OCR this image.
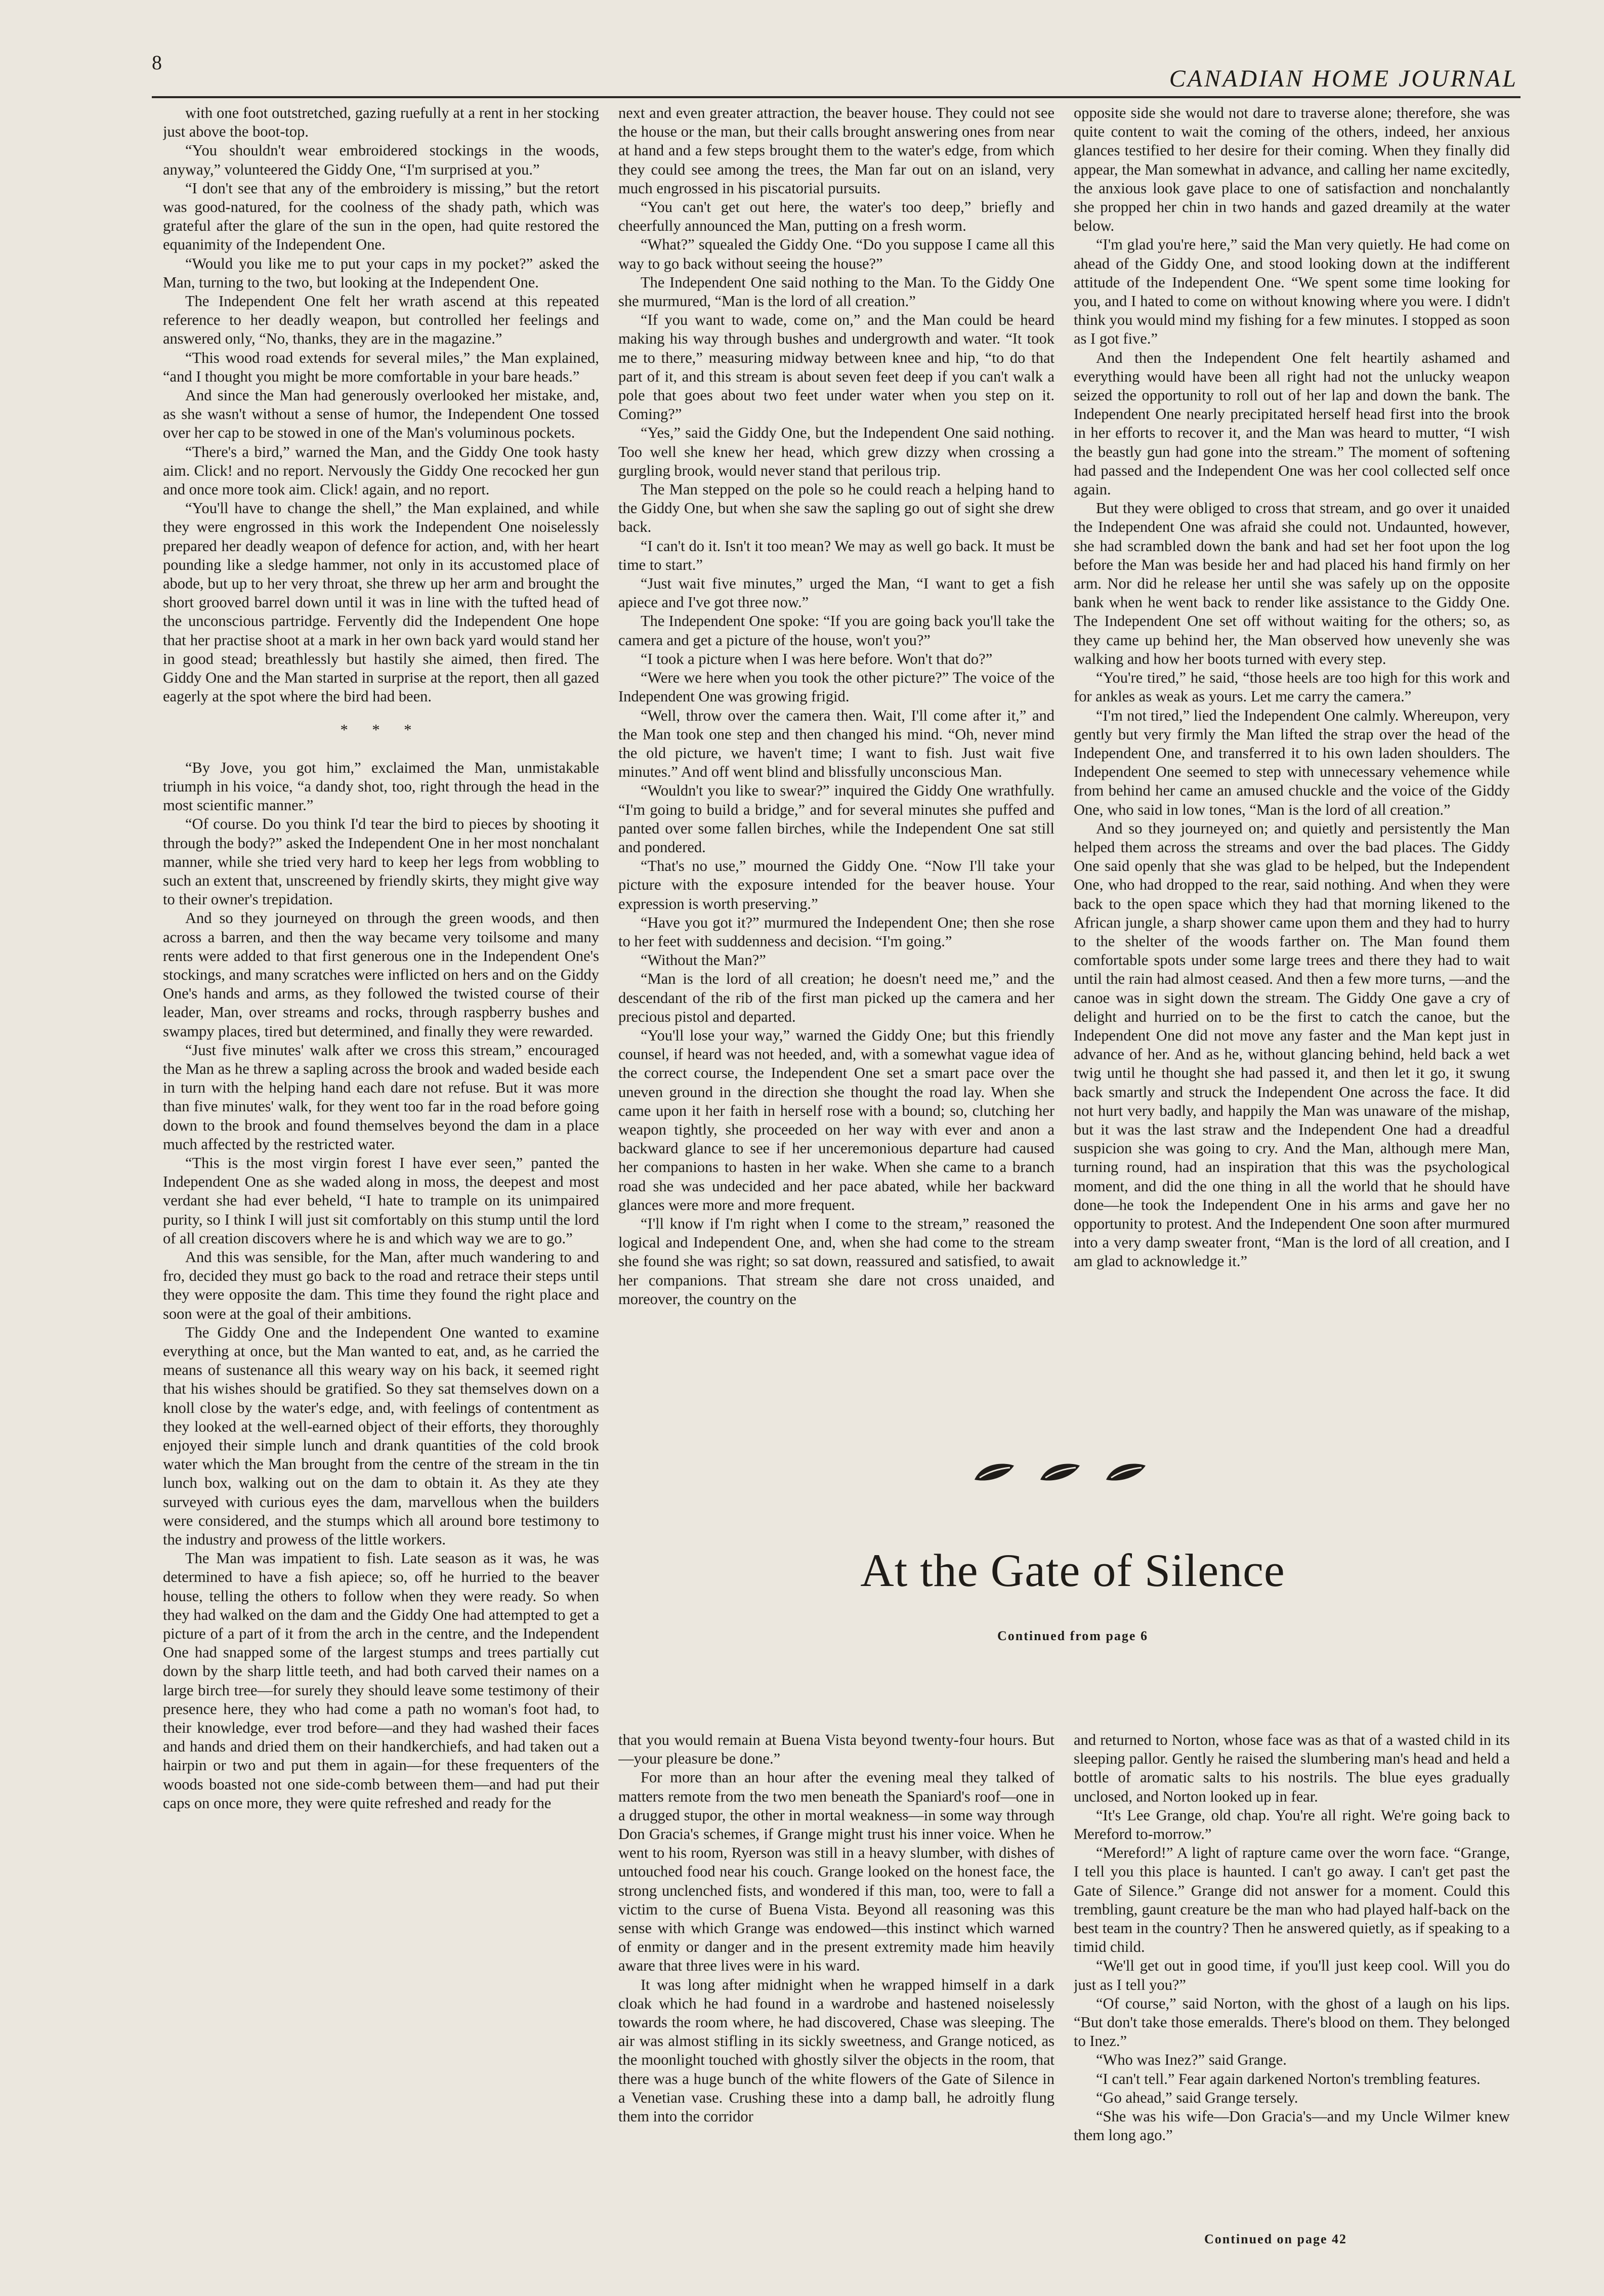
8
CANADIAN HOME JOURNAL

with one foot outstretched, gazing ruefully at a rent in her stocking just above the boot-top.

“You shouldn't wear embroidered stockings in the woods, anyway,” volunteered the Giddy One, “I'm surprised at you.”

“I don't see that any of the embroidery is missing,” but the retort was good-natured, for the coolness of the shady path, which was grateful after the glare of the sun in the open, had quite restored the equanimity of the Independent One.

“Would you like me to put your caps in my pocket?” asked the Man, turning to the two, but looking at the Independent One.

The Independent One felt her wrath ascend at this repeated reference to her deadly weapon, but controlled her feelings and answered only, “No, thanks, they are in the magazine.”

“This wood road extends for several miles,” the Man explained, “and I thought you might be more comfortable in your bare heads.”

And since the Man had generously overlooked her mistake, and, as she wasn't without a sense of humor, the Independent One tossed over her cap to be stowed in one of the Man's voluminous pockets.

“There's a bird,” warned the Man, and the Giddy One took hasty aim. Click! and no report. Nervously the Giddy One recocked her gun and once more took aim. Click! again, and no report.

“You'll have to change the shell,” the Man explained, and while they were engrossed in this work the Independent One noiselessly prepared her deadly weapon of defence for action, and, with her heart pounding like a sledge hammer, not only in its accustomed place of abode, but up to her very throat, she threw up her arm and brought the short grooved barrel down until it was in line with the tufted head of the unconscious partridge. Fervently did the Independent One hope that her practise shoot at a mark in her own back yard would stand her in good stead; breathlessly but hastily she aimed, then fired. The Giddy One and the Man started in surprise at the report, then all gazed eagerly at the spot where the bird had been.

* * *

“By Jove, you got him,” exclaimed the Man, unmistakable triumph in his voice, “a dandy shot, too, right through the head in the most scientific manner.”

“Of course. Do you think I'd tear the bird to pieces by shooting it through the body?” asked the Independent One in her most nonchalant manner, while she tried very hard to keep her legs from wobbling to such an extent that, unscreened by friendly skirts, they might give way to their owner's trepidation.

And so they journeyed on through the green woods, and then across a barren, and then the way became very toilsome and many rents were added to that first generous one in the Independent One's stockings, and many scratches were inflicted on hers and on the Giddy One's hands and arms, as they followed the twisted course of their leader, Man, over streams and rocks, through raspberry bushes and swampy places, tired but determined, and finally they were rewarded.

“Just five minutes' walk after we cross this stream,” encouraged the Man as he threw a sapling across the brook and waded beside each in turn with the helping hand each dare not refuse. But it was more than five minutes' walk, for they went too far in the road before going down to the brook and found themselves beyond the dam in a place much affected by the restricted water.

“This is the most virgin forest I have ever seen,” panted the Independent One as she waded along in moss, the deepest and most verdant she had ever beheld, “I hate to trample on its unimpaired purity, so I think I will just sit comfortably on this stump until the lord of all creation discovers where he is and which way we are to go.”

And this was sensible, for the Man, after much wandering to and fro, decided they must go back to the road and retrace their steps until they were opposite the dam. This time they found the right place and soon were at the goal of their ambitions.

The Giddy One and the Independent One wanted to examine everything at once, but the Man wanted to eat, and, as he carried the means of sustenance all this weary way on his back, it seemed right that his wishes should be gratified. So they sat themselves down on a knoll close by the water's edge, and, with feelings of contentment as they looked at the well-earned object of their efforts, they thoroughly enjoyed their simple lunch and drank quantities of the cold brook water which the Man brought from the centre of the stream in the tin lunch box, walking out on the dam to obtain it. As they ate they surveyed with curious eyes the dam, marvellous when the builders were considered, and the stumps which all around bore testimony to the industry and prowess of the little workers.

The Man was impatient to fish. Late season as it was, he was determined to have a fish apiece; so, off he hurried to the beaver house, telling the others to follow when they were ready. So when they had walked on the dam and the Giddy One had attempted to get a picture of a part of it from the arch in the centre, and the Independent One had snapped some of the largest stumps and trees partially cut down by the sharp little teeth, and had both carved their names on a large birch tree—for surely they should leave some testimony of their presence here, they who had come a path no woman's foot had, to their knowledge, ever trod before—and they had washed their faces and hands and dried them on their handkerchiefs, and had taken out a hairpin or two and put them in again—for these frequenters of the woods boasted not one side-comb between them—and had put their caps on once more, they were quite refreshed and ready for the

next and even greater attraction, the beaver house. They could not see the house or the man, but their calls brought answering ones from near at hand and a few steps brought them to the water's edge, from which they could see among the trees, the Man far out on an island, very much engrossed in his piscatorial pursuits.

“You can't get out here, the water's too deep,” briefly and cheerfully announced the Man, putting on a fresh worm.

“What?” squealed the Giddy One. “Do you suppose I came all this way to go back without seeing the house?”

The Independent One said nothing to the Man. To the Giddy One she murmured, “Man is the lord of all creation.”

“If you want to wade, come on,” and the Man could be heard making his way through bushes and undergrowth and water. “It took me to there,” measuring midway between knee and hip, “to do that part of it, and this stream is about seven feet deep if you can't walk a pole that goes about two feet under water when you step on it. Coming?”

“Yes,” said the Giddy One, but the Independent One said nothing. Too well she knew her head, which grew dizzy when crossing a gurgling brook, would never stand that perilous trip.

The Man stepped on the pole so he could reach a helping hand to the Giddy One, but when she saw the sapling go out of sight she drew back.

“I can't do it. Isn't it too mean? We may as well go back. It must be time to start.”

“Just wait five minutes,” urged the Man, “I want to get a fish apiece and I've got three now.”

The Independent One spoke: “If you are going back you'll take the camera and get a picture of the house, won't you?”

“I took a picture when I was here before. Won't that do?”

“Were we here when you took the other picture?” The voice of the Independent One was growing frigid.

“Well, throw over the camera then. Wait, I'll come after it,” and the Man took one step and then changed his mind. “Oh, never mind the old picture, we haven't time; I want to fish. Just wait five minutes.” And off went blind and blissfully unconscious Man.

“Wouldn't you like to swear?” inquired the Giddy One wrathfully. “I'm going to build a bridge,” and for several minutes she puffed and panted over some fallen birches, while the Independent One sat still and pondered.

“That's no use,” mourned the Giddy One. “Now I'll take your picture with the exposure intended for the beaver house. Your expression is worth preserving.”

“Have you got it?” murmured the Independent One; then she rose to her feet with suddenness and decision. “I'm going.”

“Without the Man?”

“Man is the lord of all creation; he doesn't need me,” and the descendant of the rib of the first man picked up the camera and her precious pistol and departed.

“You'll lose your way,” warned the Giddy One; but this friendly counsel, if heard was not heeded, and, with a somewhat vague idea of the correct course, the Independent One set a smart pace over the uneven ground in the direction she thought the road lay. When she came upon it her faith in herself rose with a bound; so, clutching her weapon tightly, she proceeded on her way with ever and anon a backward glance to see if her unceremonious departure had caused her companions to hasten in her wake. When she came to a branch road she was undecided and her pace abated, while her backward glances were more and more frequent.

“I'll know if I'm right when I come to the stream,” reasoned the logical and Independent One, and, when she had come to the stream she found she was right; so sat down, reassured and satisfied, to await her companions. That stream she dare not cross unaided, and moreover, the country on the

opposite side she would not dare to traverse alone; therefore, she was quite content to wait the coming of the others, indeed, her anxious glances testified to her desire for their coming. When they finally did appear, the Man somewhat in advance, and calling her name excitedly, the anxious look gave place to one of satisfaction and nonchalantly she propped her chin in two hands and gazed dreamily at the water below.

“I'm glad you're here,” said the Man very quietly. He had come on ahead of the Giddy One, and stood looking down at the indifferent attitude of the Independent One. “We spent some time looking for you, and I hated to come on without knowing where you were. I didn't think you would mind my fishing for a few minutes. I stopped as soon as I got five.”

And then the Independent One felt heartily ashamed and everything would have been all right had not the unlucky weapon seized the opportunity to roll out of her lap and down the bank. The Independent One nearly precipitated herself head first into the brook in her efforts to recover it, and the Man was heard to mutter, “I wish the beastly gun had gone into the stream.” The moment of softening had passed and the Independent One was her cool collected self once again.

But they were obliged to cross that stream, and go over it unaided the Independent One was afraid she could not. Undaunted, however, she had scrambled down the bank and had set her foot upon the log before the Man was beside her and had placed his hand firmly on her arm. Nor did he release her until she was safely up on the opposite bank when he went back to render like assistance to the Giddy One. The Independent One set off without waiting for the others; so, as they came up behind her, the Man observed how unevenly she was walking and how her boots turned with every step.

“You're tired,” he said, “those heels are too high for this work and for ankles as weak as yours. Let me carry the camera.”

“I'm not tired,” lied the Independent One calmly. Whereupon, very gently but very firmly the Man lifted the strap over the head of the Independent One, and transferred it to his own laden shoulders. The Independent One seemed to step with unnecessary vehemence while from behind her came an amused chuckle and the voice of the Giddy One, who said in low tones, “Man is the lord of all creation.”

And so they journeyed on; and quietly and persistently the Man helped them across the streams and over the bad places. The Giddy One said openly that she was glad to be helped, but the Independent One, who had dropped to the rear, said nothing. And when they were back to the open space which they had that morning likened to the African jungle, a sharp shower came upon them and they had to hurry to the shelter of the woods farther on. The Man found them comfortable spots under some large trees and there they had to wait until the rain had almost ceased. And then a few more turns, —and the canoe was in sight down the stream. The Giddy One gave a cry of delight and hurried on to be the first to catch the canoe, but the Independent One did not move any faster and the Man kept just in advance of her. And as he, without glancing behind, held back a wet twig until he thought she had passed it, and then let it go, it swung back smartly and struck the Independent One across the face. It did not hurt very badly, and happily the Man was unaware of the mishap, but it was the last straw and the Independent One had a dreadful suspicion she was going to cry. And the Man, although mere Man, turning round, had an inspiration that this was the psychological moment, and did the one thing in all the world that he should have done—he took the Independent One in his arms and gave her no opportunity to protest. And the Independent One soon after murmured into a very damp sweater front, “Man is the lord of all creation, and I am glad to acknowledge it.”

At the Gate of Silence
Continued from page 6

that you would remain at Buena Vista beyond twenty-four hours. But—your pleasure be done.”

For more than an hour after the evening meal they talked of matters remote from the two men beneath the Spaniard's roof—one in a drugged stupor, the other in mortal weakness—in some way through Don Gracia's schemes, if Grange might trust his inner voice. When he went to his room, Ryerson was still in a heavy slumber, with dishes of untouched food near his couch. Grange looked on the honest face, the strong unclenched fists, and wondered if this man, too, were to fall a victim to the curse of Buena Vista. Beyond all reasoning was this sense with which Grange was endowed—this instinct which warned of enmity or danger and in the present extremity made him heavily aware that three lives were in his ward.

It was long after midnight when he wrapped himself in a dark cloak which he had found in a wardrobe and hastened noiselessly towards the room where, he had discovered, Chase was sleeping. The air was almost stifling in its sickly sweetness, and Grange noticed, as the moonlight touched with ghostly silver the objects in the room, that there was a huge bunch of the white flowers of the Gate of Silence in a Venetian vase. Crushing these into a damp ball, he adroitly flung them into the corridor

and returned to Norton, whose face was as that of a wasted child in its sleeping pallor. Gently he raised the slumbering man's head and held a bottle of aromatic salts to his nostrils. The blue eyes gradually unclosed, and Norton looked up in fear.

“It's Lee Grange, old chap. You're all right. We're going back to Mereford to-morrow.”

“Mereford!” A light of rapture came over the worn face. “Grange, I tell you this place is haunted. I can't go away. I can't get past the Gate of Silence.” Grange did not answer for a moment. Could this trembling, gaunt creature be the man who had played half-back on the best team in the country? Then he answered quietly, as if speaking to a timid child.

“We'll get out in good time, if you'll just keep cool. Will you do just as I tell you?”

“Of course,” said Norton, with the ghost of a laugh on his lips. “But don't take those emeralds. There's blood on them. They belonged to Inez.”

“Who was Inez?” said Grange.

“I can't tell.” Fear again darkened Norton's trembling features.

“Go ahead,” said Grange tersely.

“She was his wife—Don Gracia's—and my Uncle Wilmer knew them long ago.”

Continued on page 42
